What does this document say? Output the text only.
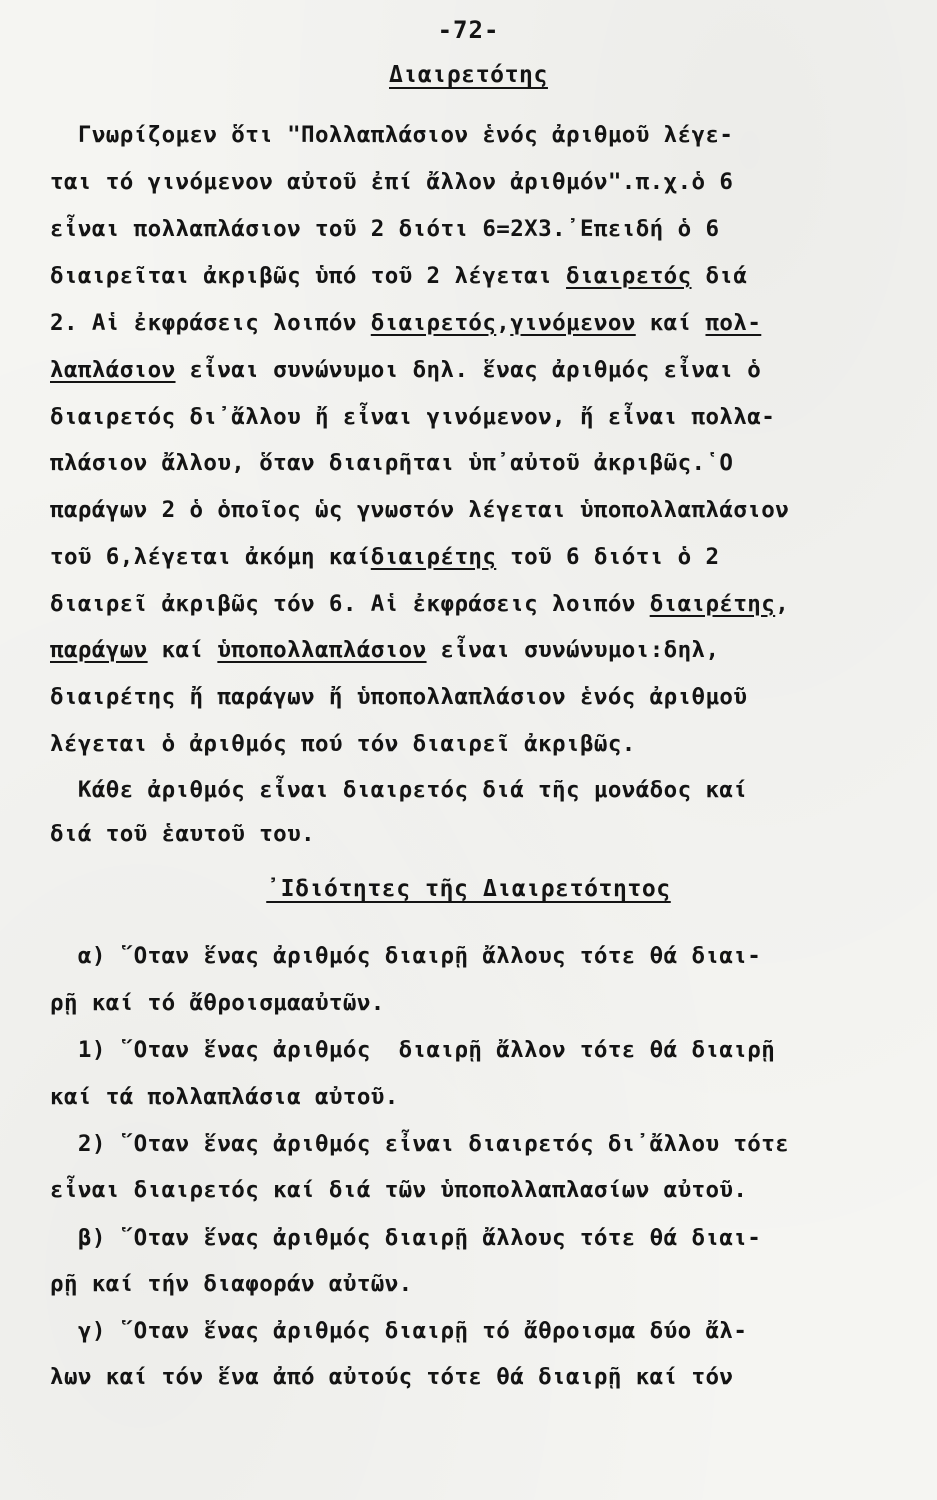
-72-
Διαιρετότης
Γνωρίζομεν ὅτι "Πολλαπλάσιον ἑνός ἀριθμοῦ λέγε-
ται τό γινόμενον αὐτοῦ ἐπί ἄλλον ἀριθμόν".π.χ.ὁ 6
εἶναι πολλαπλάσιον τοῦ 2 διότι 6=2Χ3.᾿Επειδή ὁ 6
διαιρεῖται ἀκριβῶς ὑπό τοῦ 2 λέγεται διαιρετός διά
2. Αἱ ἐκφράσεις λοιπόν διαιρετός,γινόμενον καί πολ-
λαπλάσιον εἶναι συνώνυμοι δηλ. ἕνας ἀριθμός εἶναι ὁ
διαιρετός δι᾿ἄλλου ἤ εἶναι γινόμενον, ἤ εἶναι πολλα-
πλάσιον ἄλλου, ὅταν διαιρῆται ὑπ᾿αὐτοῦ ἀκριβῶς.῾Ο
παράγων 2 ὁ ὁποῖος ὡς γνωστόν λέγεται ὑποπολλαπλάσιον
τοῦ 6,λέγεται ἀκόμη καίδιαιρέτης τοῦ 6 διότι ὁ 2
διαιρεῖ ἀκριβῶς τόν 6. Αἱ ἐκφράσεις λοιπόν διαιρέτης,
παράγων καί ὑποπολλαπλάσιον εἶναι συνώνυμοι:δηλ,
διαιρέτης ἤ παράγων ἤ ὑποπολλαπλάσιον ἑνός ἀριθμοῦ
λέγεται ὁ ἀριθμός πού τόν διαιρεῖ ἀκριβῶς.
Κάθε ἀριθμός εἶναι διαιρετός διά τῆς μονάδος καί
διά τοῦ ἑαυτοῦ του.
᾿Ιδιότητες τῆς Διαιρετότητος
α) ῞Οταν ἕνας ἀριθμός διαιρῇ ἄλλους τότε θά διαι-
ρῇ καί τό ἄθροισμααὐτῶν.
1) ῞Οταν ἕνας ἀριθμός  διαιρῇ ἄλλον τότε θά διαιρῇ
καί τά πολλαπλάσια αὐτοῦ.
2) ῞Οταν ἕνας ἀριθμός εἶναι διαιρετός δι᾿ἄλλου τότε
εἶναι διαιρετός καί διά τῶν ὑποπολλαπλασίων αὐτοῦ.
β) ῞Οταν ἕνας ἀριθμός διαιρῇ ἄλλους τότε θά διαι-
ρῇ καί τήν διαφοράν αὐτῶν.
γ) ῞Οταν ἕνας ἀριθμός διαιρῇ τό ἄθροισμα δύο ἄλ-
λων καί τόν ἕνα ἀπό αὐτούς τότε θά διαιρῇ καί τόν
